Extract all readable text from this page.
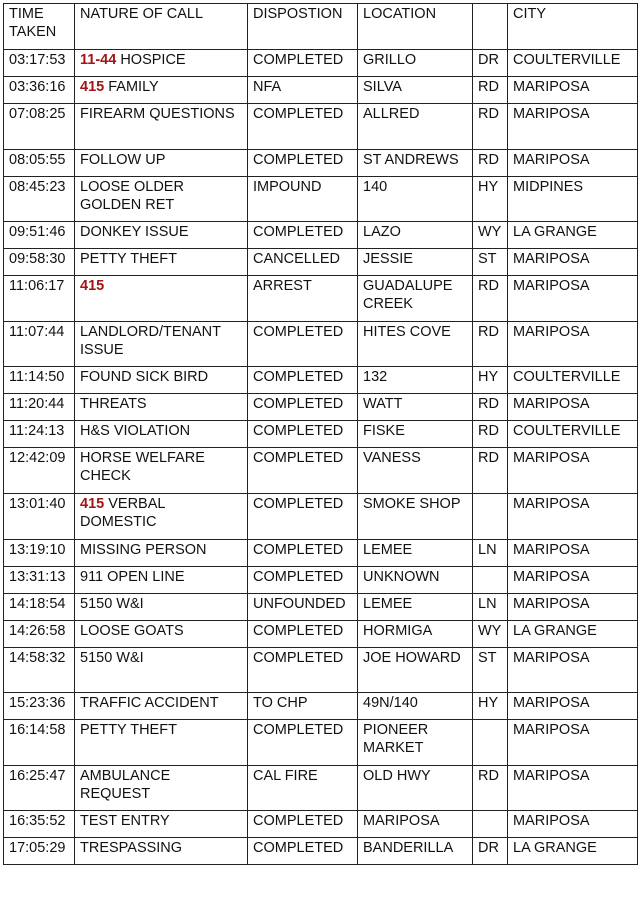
TIME TAKEN	NATURE OF CALL	DISPOSTION	LOCATION		CITY
03:17:53	11-44 HOSPICE	COMPLETED	GRILLO	DR	COULTERVILLE
03:36:16	415 FAMILY	NFA	SILVA	RD	MARIPOSA
07:08:25	FIREARM QUESTIONS	COMPLETED	ALLRED	RD	MARIPOSA
08:05:55	FOLLOW UP	COMPLETED	ST ANDREWS	RD	MARIPOSA
08:45:23	LOOSE OLDER GOLDEN RET	IMPOUND	140	HY	MIDPINES
09:51:46	DONKEY ISSUE	COMPLETED	LAZO	WY	LA GRANGE
09:58:30	PETTY THEFT	CANCELLED	JESSIE	ST	MARIPOSA
11:06:17	415	ARREST	GUADALUPE CREEK	RD	MARIPOSA
11:07:44	LANDLORD/TENANT ISSUE	COMPLETED	HITES COVE	RD	MARIPOSA
11:14:50	FOUND SICK BIRD	COMPLETED	132	HY	COULTERVILLE
11:20:44	THREATS	COMPLETED	WATT	RD	MARIPOSA
11:24:13	H&S VIOLATION	COMPLETED	FISKE	RD	COULTERVILLE
12:42:09	HORSE WELFARE CHECK	COMPLETED	VANESS	RD	MARIPOSA
13:01:40	415 VERBAL DOMESTIC	COMPLETED	SMOKE SHOP		MARIPOSA
13:19:10	MISSING PERSON	COMPLETED	LEMEE	LN	MARIPOSA
13:31:13	911 OPEN LINE	COMPLETED	UNKNOWN		MARIPOSA
14:18:54	5150 W&I	UNFOUNDED	LEMEE	LN	MARIPOSA
14:26:58	LOOSE GOATS	COMPLETED	HORMIGA	WY	LA GRANGE
14:58:32	5150 W&I	COMPLETED	JOE HOWARD	ST	MARIPOSA
15:23:36	TRAFFIC ACCIDENT	TO CHP	49N/140	HY	MARIPOSA
16:14:58	PETTY THEFT	COMPLETED	PIONEER MARKET		MARIPOSA
16:25:47	AMBULANCE REQUEST	CAL FIRE	OLD HWY	RD	MARIPOSA
16:35:52	TEST ENTRY	COMPLETED	MARIPOSA		MARIPOSA
17:05:29	TRESPASSING	COMPLETED	BANDERILLA	DR	LA GRANGE
